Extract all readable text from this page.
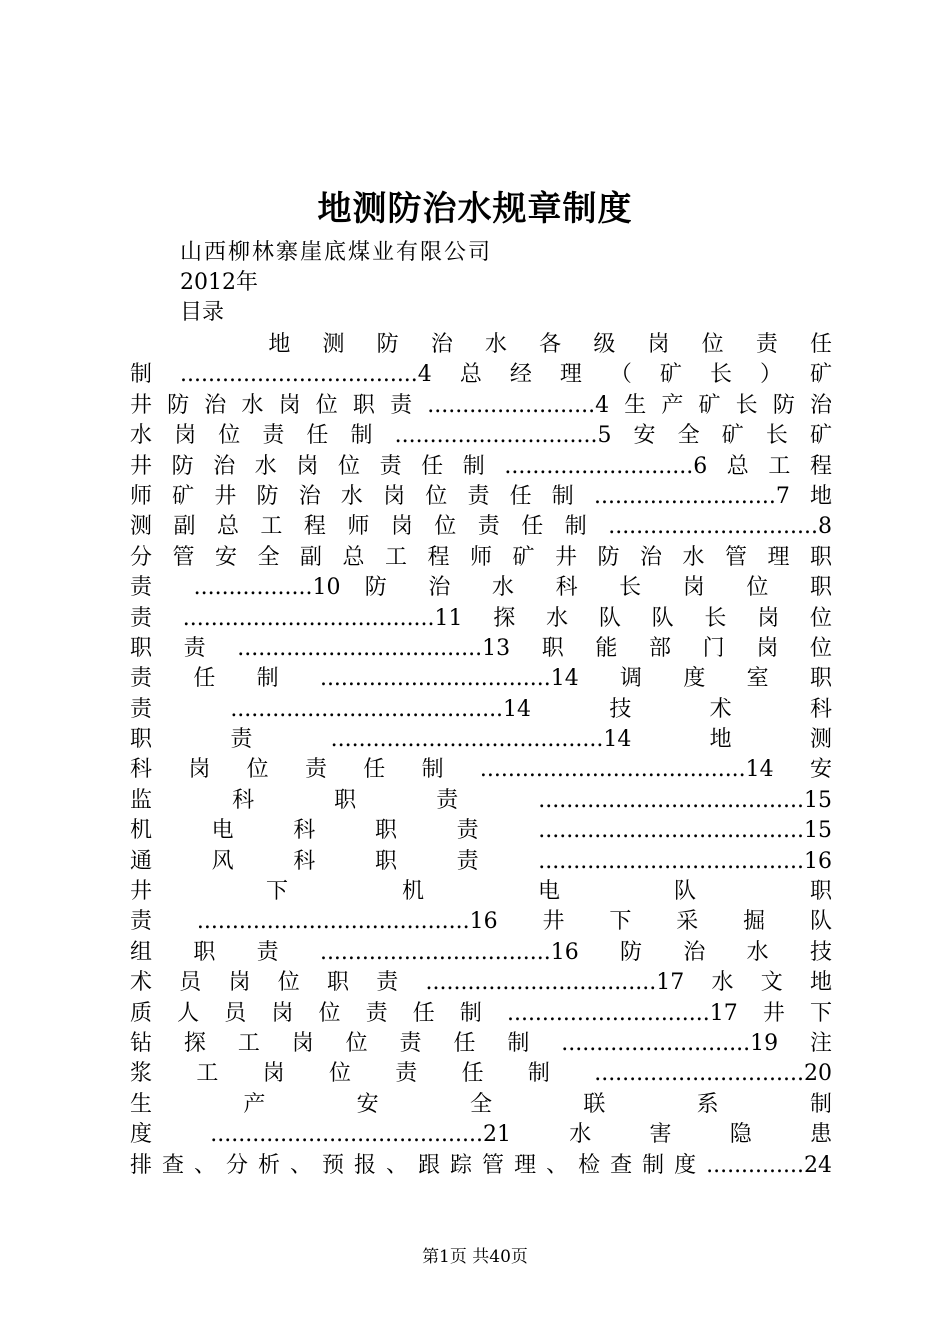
地测防治水规章制度
山西柳林寨崖底煤业有限公司
2012年
目录
　　　　地 测 防 治 水 各 级 岗 位 责 任
制..................................4总经理（矿长）矿
井防治水岗位职责........................4生产矿长防治
水岗位责任制.............................5安全矿长矿
井防治水岗位责任制...........................6总工程
师矿井防治水岗位责任制..........................7地
测副总工程师岗位责任制..............................8
分 管 安 全 副 总 工 程 师 矿 井 防 治 水 管 理 职
责 .................10 防 治 水 科 长 岗 位 职
责....................................11探水队队长岗位
职责...................................13职能部门岗位
责任制.................................14调度室职
责.......................................14技术科
职责.......................................14地测
科岗位责任制......................................14安
监科职责......................................15
机电科职责......................................15
通风科职责......................................16
井 下 机 电 队 职
责.......................................16井下采掘队
组职责.................................16防治水技
术员岗位职责.................................17水文地
质人员岗位责任制.............................17井下
钻探工岗位责任制...........................19注
浆工岗位责任制..............................20
生 产 安 全 联 系 制
度.......................................21水害隐患
排查、分析、预报、跟踪管理、检查制度..............24
第1页 共40页
